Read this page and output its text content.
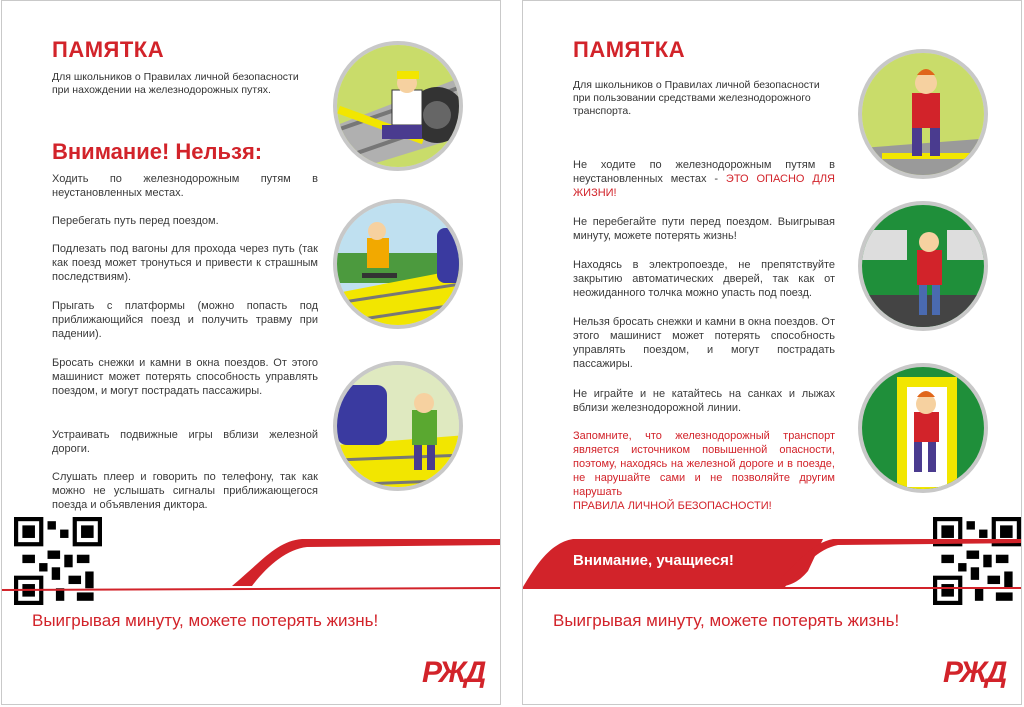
ПАМЯТКА
Для школьников о Правилах личной безопасности при нахождении на железнодорожных путях.
Внимание! Нельзя:
Ходить по железнодорожным путям в неустановленных местах.
Перебегать путь перед поездом.
Подлезать под вагоны для прохода через путь (так как поезд может тронуться и привести к страшным последствиям).
Прыгать с платформы (можно попасть под приближающийся поезд и получить травму при падении).
Бросать снежки и камни в окна поездов. От этого машинист может потерять способность управлять поездом, и могут пострадать пассажиры.
Устраивать подвижные игры вблизи железной дороги.
Слушать плеер и говорить по телефону, так как можно не услышать сигналы приближающегося поезда и объявления диктора.
Выигрывая минуту, можете потерять жизнь!
РЖД
ПАМЯТКА
Для школьников о Правилах личной безопасности при пользовании средствами железнодорожного транспорта.
Не ходите по железнодорожным путям в неустановленных местах - ЭТО ОПАСНО ДЛЯ ЖИЗНИ!
Не перебегайте пути перед поездом. Выигрывая минуту, можете потерять жизнь!
Находясь в электропоезде, не препятствуйте закрытию автоматических дверей, так как от неожиданного толчка можно упасть под поезд.
Нельзя бросать снежки и камни в окна поездов. От этого машинист может потерять способность управлять поездом, и могут пострадать пассажиры.
Не играйте и не катайтесь на санках и лыжах вблизи железнодорожной линии.
Запомните, что железнодорожный транспорт является источником повышенной опасности, поэтому, находясь на железной дороге и в поезде, не нарушайте сами и не позволяйте другим нарушать
ПРАВИЛА ЛИЧНОЙ БЕЗОПАСНОСТИ!
Внимание, учащиеся!
Выигрывая минуту, можете потерять жизнь!
РЖД
